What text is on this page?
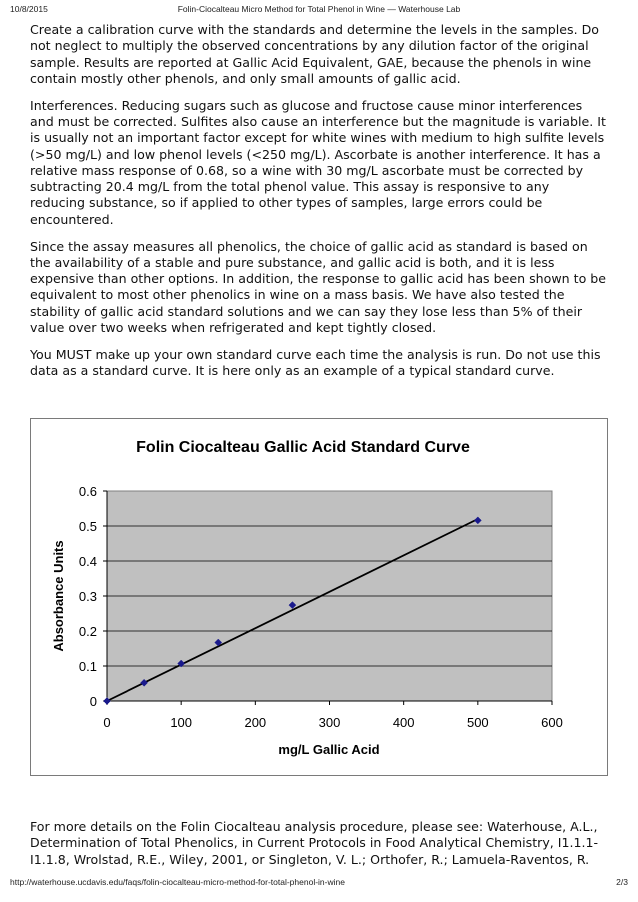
10/8/2015	Folin-Ciocalteau Micro Method for Total Phenol in Wine — Waterhouse Lab

Create a calibration curve with the standards and determine the levels in the samples. Do not neglect to multiply the observed concentrations by any dilution factor of the original sample. Results are reported at Gallic Acid Equivalent, GAE, because the phenols in wine contain mostly other phenols, and only small amounts of gallic acid.

Interferences. Reducing sugars such as glucose and fructose cause minor interferences and must be corrected. Sulfites also cause an interference but the magnitude is variable. It is usually not an important factor except for white wines with medium to high sulfite levels (>50 mg/L) and low phenol levels (<250 mg/L). Ascorbate is another interference. It has a relative mass response of 0.68, so a wine with 30 mg/L ascorbate must be corrected by subtracting 20.4 mg/L from the total phenol value. This assay is responsive to any reducing substance, so if applied to other types of samples, large errors could be encountered.

Since the assay measures all phenolics, the choice of gallic acid as standard is based on the availability of a stable and pure substance, and gallic acid is both, and it is less expensive than other options. In addition, the response to gallic acid has been shown to be equivalent to most other phenolics in wine on a mass basis. We have also tested the stability of gallic acid standard solutions and we can say they lose less than 5% of their value over two weeks when refrigerated and kept tightly closed.

You MUST make up your own standard curve each time the analysis is run. Do not use this data as a standard curve. It is here only as an example of a typical standard curve.

Folin Ciocalteau Gallic Acid Standard Curve
0
0.1
0.2
0.3
0.4
0.5
0.6
0	100	200	300	400	500	600
mg/L Gallic Acid
Absorbance Units
For more details on the Folin Ciocalteau analysis procedure, please see: Waterhouse, A.L., Determination of Total Phenolics, in Current Protocols in Food Analytical Chemistry, I1.1.1-I1.1.8, Wrolstad, R.E., Wiley, 2001, or Singleton, V. L.; Orthofer, R.; Lamuela-Raventos, R.
http://waterhouse.ucdavis.edu/faqs/folin-ciocalteau-micro-method-for-total-phenol-in-wine	2/3
